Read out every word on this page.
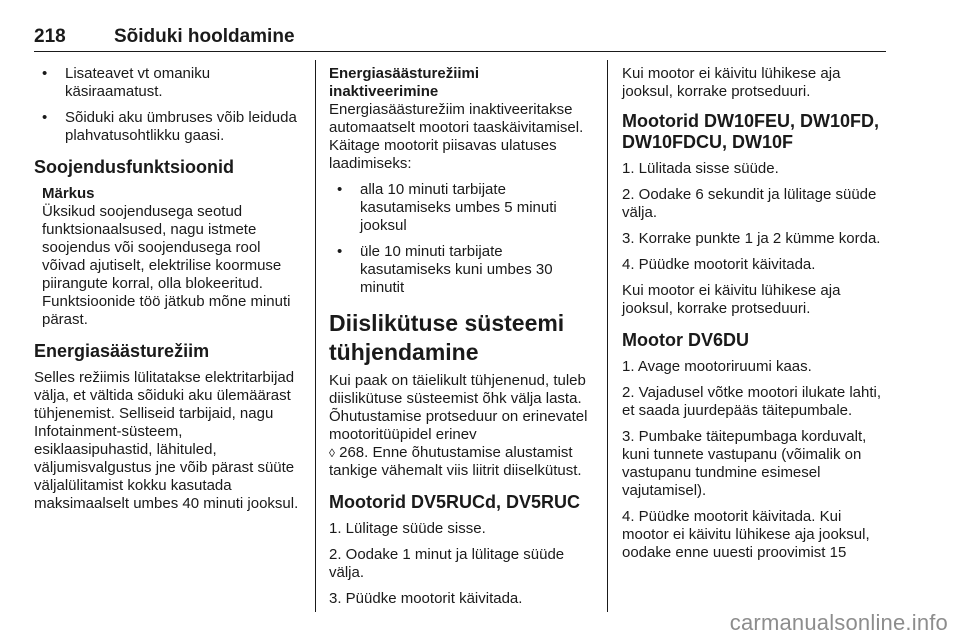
218	Sõiduki hooldamine
• Lisateavet vt omaniku käsiraamatust.
• Sõiduki aku ümbruses võib leiduda plahvatusohtlikku gaasi.
Soojendusfunktsioonid
Märkus
Üksikud soojendusega seotud funktsionaalsused, nagu istmete soojendus või soojendusega rool võivad ajutiselt, elektrilise koormuse piirangute korral, olla blokeeritud. Funktsioonide töö jätkub mõne minuti pärast.
Energiasäästurežiim

Selles režiimis lülitatakse elektritarbijad välja, et vältida sõiduki aku ülemäärast tühjenemist. Selliseid tarbijaid, nagu Infotainment-süsteem, esiklaasipuhastid, lähituled, väljumisvalgustus jne võib pärast süüte väljalülitamist kokku kasutada maksimaalselt umbes 40 minuti jooksul.

Energiasäästurežiimi inaktiveerimine

Energiasäästurežiim inaktiveeritakse automaatselt mootori taaskäivitamisel. Käitage mootorit piisavas ulatuses laadimiseks:

• alla 10 minuti tarbijate kasutamiseks umbes 5 minuti jooksul
• üle 10 minuti tarbijate kasutamiseks kuni umbes 30 minutit
Diislikütuse süsteemi tühjendamine

Kui paak on täielikult tühjenenud, tuleb diislikütuse süsteemist õhk välja lasta. Õhutustamise protseduur on erinevatel mootoritüüpidel erinev
◊ 268. Enne õhutustamise alustamist tankige vähemalt viis liitrit diiselkütust.

Mootorid DV5RUCd, DV5RUC

1. Lülitage süüde sisse.

2. Oodake 1 minut ja lülitage süüde välja.

3. Püüdke mootorit käivitada.

Kui mootor ei käivitu lühikese aja jooksul, korrake protseduuri.

Mootorid DW10FEU, DW10FD, DW10FDCU, DW10F

1. Lülitada sisse süüde.

2. Oodake 6 sekundit ja lülitage süüde välja.

3. Korrake punkte 1 ja 2 kümme korda.

4. Püüdke mootorit käivitada.

Kui mootor ei käivitu lühikese aja jooksul, korrake protseduuri.

Mootor DV6DU

1. Avage mootoriruumi kaas.

2. Vajadusel võtke mootori ilukate lahti, et saada juurdepääs täitepumbale.

3. Pumbake täitepumbaga korduvalt, kuni tunnete vastupanu (võimalik on vastupanu tundmine esimesel vajutamisel).

4. Püüdke mootorit käivitada. Kui mootor ei käivitu lühikese aja jooksul, oodake enne uuesti proovimist 15

carmanualsonline.info
